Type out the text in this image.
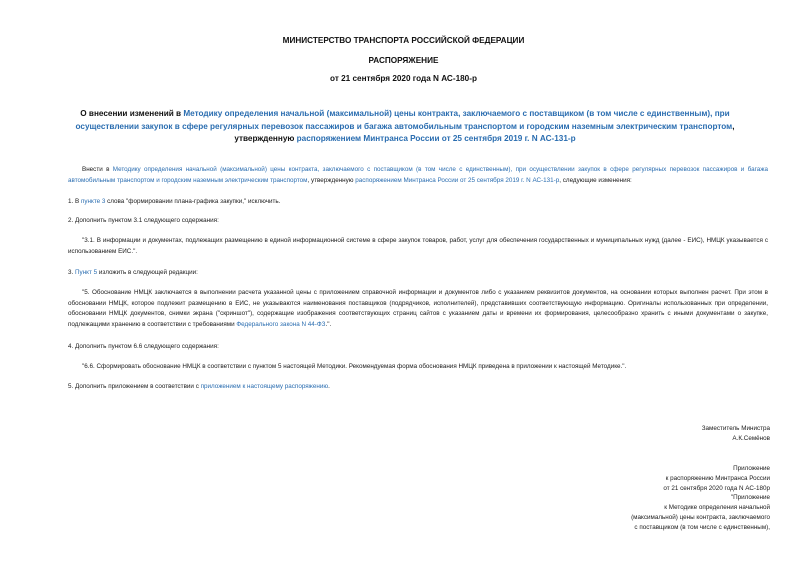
МИНИСТЕРСТВО ТРАНСПОРТА РОССИЙСКОЙ ФЕДЕРАЦИИ
РАСПОРЯЖЕНИЕ
от 21 сентября 2020 года N АС-180-р
О внесении изменений в Методику определения начальной (максимальной) цены контракта, заключаемого с поставщиком (в том числе с единственным), при осуществлении закупок в сфере регулярных перевозок пассажиров и багажа автомобильным транспортом и городским наземным электрическим транспортом, утвержденную распоряжением Минтранса России от 25 сентября 2019 г. N АС-131-р
Внести в Методику определения начальной (максимальной) цены контракта, заключаемого с поставщиком (в том числе с единственным), при осуществлении закупок в сфере регулярных перевозок пассажиров и багажа автомобильным транспортом и городским наземным электрическим транспортом, утвержденную распоряжением Минтранса России от 25 сентября 2019 г. N АС-131-р, следующие изменения:
1. В пункте 3 слова "формировании плана-графика закупки," исключить.
2. Дополнить пунктом 3.1 следующего содержания:
"3.1. В информации и документах, подлежащих размещению в единой информационной системе в сфере закупок товаров, работ, услуг для обеспечения государственных и муниципальных нужд (далее - ЕИС), НМЦК указывается с использованием ЕИС.".
3. Пункт 5 изложить в следующей редакции:
"5. Обоснование НМЦК заключается в выполнении расчета указанной цены с приложением справочной информации и документов либо с указанием реквизитов документов, на основании которых выполнен расчет. При этом в обосновании НМЦК, которое подлежит размещению в ЕИС, не указываются наименования поставщиков (подрядчиков, исполнителей), представивших соответствующую информацию. Оригиналы использованных при определении, обосновании НМЦК документов, снимки экрана ("скриншот"), содержащие изображения соответствующих страниц сайтов с указанием даты и времени их формирования, целесообразно хранить с иными документами о закупке, подлежащими хранению в соответствии с требованиями Федерального закона N 44-ФЗ.".
4. Дополнить пунктом 6.6 следующего содержания:
"6.6. Сформировать обоснование НМЦК в соответствии с пунктом 5 настоящей Методики. Рекомендуемая форма обоснования НМЦК приведена в приложении к настоящей Методике.".
5. Дополнить приложением в соответствии с приложением к настоящему распоряжению.
Заместитель Министра
А.К.Семёнов
Приложение
к распоряжению Минтранса России
от 21 сентября 2020 года N АС-180р
"Приложение
к Методике определения начальной
(максимальной) цены контракта, заключаемого
с поставщиком (в том числе с единственным),
